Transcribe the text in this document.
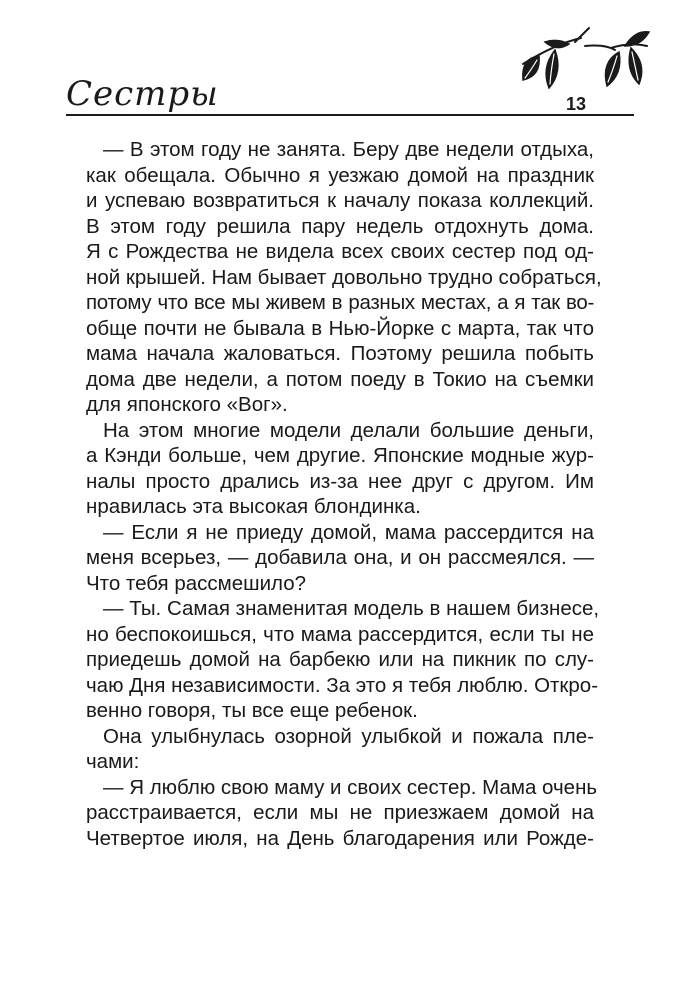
Сестры	13
— В этом году не занята. Беру две недели отдыха,
как обещала. Обычно я уезжаю домой на праздник
и успеваю возвратиться к началу показа коллекций.
В этом году решила пару недель отдохнуть дома.
Я с Рождества не видела всех своих сестер под од-
ной крышей. Нам бывает довольно трудно собраться,
потому что все мы живем в разных местах, а я так во-
обще почти не бывала в Нью-Йорке с марта, так что
мама начала жаловаться. Поэтому решила побыть
дома две недели, а потом поеду в Токио на съемки
для японского «Вог».
На этом многие модели делали большие деньги,
а Кэнди больше, чем другие. Японские модные жур-
налы просто дрались из-за нее друг с другом. Им
нравилась эта высокая блондинка.
— Если я не приеду домой, мама рассердится на
меня всерьез, — добавила она, и он рассмеялся. —
Что тебя рассмешило?
— Ты. Самая знаменитая модель в нашем бизнесе,
но беспокоишься, что мама рассердится, если ты не
приедешь домой на барбекю или на пикник по слу-
чаю Дня независимости. За это я тебя люблю. Откро-
венно говоря, ты все еще ребенок.
Она улыбнулась озорной улыбкой и пожала пле-
чами:
— Я люблю свою маму и своих сестер. Мама очень
расстраивается, если мы не приезжаем домой на
Четвертое июля, на День благодарения или Рожде-
